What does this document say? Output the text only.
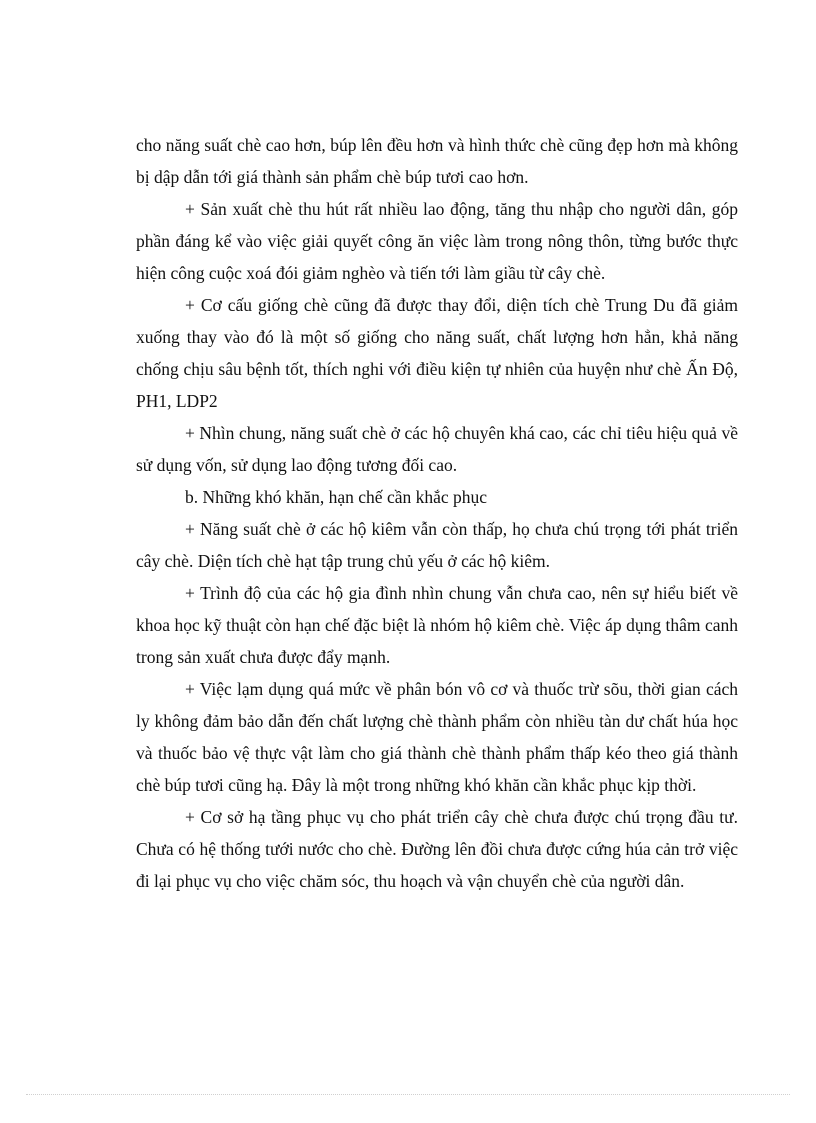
cho năng suất chè cao hơn, búp lên đều hơn và hình thức chè cũng đẹp hơn mà không bị dập dẫn tới giá thành sản phẩm chè búp tươi cao hơn.

+ Sản xuất chè thu hút rất nhiều lao động, tăng thu nhập cho người dân, góp phần đáng kể vào việc giải quyết công ăn việc làm trong nông thôn, từng bước thực hiện công cuộc xoá đói giảm nghèo và tiến tới làm giầu từ cây chè.

+ Cơ cấu giống chè cũng đã được thay đổi, diện tích chè Trung Du đã giảm xuống thay vào đó là một số giống cho năng suất, chất lượng hơn hẳn, khả năng chống chịu sâu bệnh tốt, thích nghi với điều kiện tự nhiên của huyện như chè Ấn Độ, PH1, LDP2

+ Nhìn chung, năng suất chè ở các hộ chuyên khá cao, các chỉ tiêu hiệu quả về sử dụng vốn, sử dụng lao động tương đối cao.

b. Những khó khăn, hạn chế cần khắc phục

+ Năng suất chè ở các hộ kiêm vẫn còn thấp, họ chưa chú trọng tới phát triển cây chè. Diện tích chè hạt tập trung chủ yếu ở các hộ kiêm.

+ Trình độ của các hộ gia đình nhìn chung vẫn chưa cao, nên sự hiểu biết về khoa học kỹ thuật còn hạn chế đặc biệt là nhóm hộ kiêm chè. Việc áp dụng thâm canh trong sản xuất chưa được đẩy mạnh.

+ Việc lạm dụng quá mức về phân bón vô cơ và thuốc trừ sõu, thời gian cách ly không đảm bảo dẫn đến chất lượng chè thành phẩm còn nhiều tàn dư chất húa học và thuốc bảo vệ thực vật làm cho giá thành chè thành phẩm thấp kéo theo giá thành chè búp tươi cũng hạ. Đây là một trong những khó khăn cần khắc phục kịp thời.

+ Cơ sở hạ tầng phục vụ cho phát triển cây chè chưa được chú trọng đầu tư. Chưa có hệ thống tưới nước cho chè. Đường lên đồi chưa được cứng húa cản trở việc đi lại phục vụ cho việc chăm sóc, thu hoạch và vận chuyển chè của người dân.
